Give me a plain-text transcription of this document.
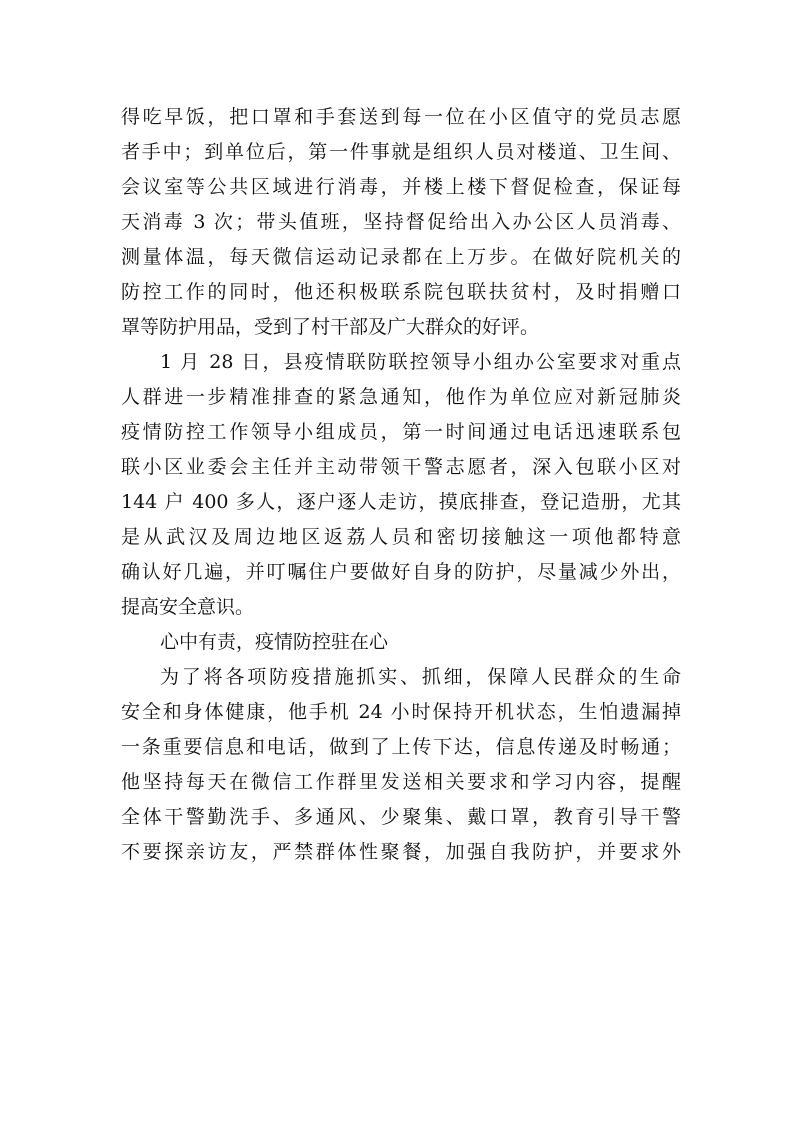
得吃早饭，把口罩和手套送到每一位在小区值守的党员志愿
者手中；到单位后，第一件事就是组织人员对楼道、卫生间、
会议室等公共区域进行消毒，并楼上楼下督促检查，保证每
天消毒 3 次；带头值班，坚持督促给出入办公区人员消毒、
测量体温，每天微信运动记录都在上万步。在做好院机关的
防控工作的同时，他还积极联系院包联扶贫村，及时捐赠口
罩等防护用品，受到了村干部及广大群众的好评。
1 月 28 日，县疫情联防联控领导小组办公室要求对重点
人群进一步精准排查的紧急通知，他作为单位应对新冠肺炎
疫情防控工作领导小组成员，第一时间通过电话迅速联系包
联小区业委会主任并主动带领干警志愿者，深入包联小区对
144 户 400 多人，逐户逐人走访，摸底排查，登记造册，尤其
是从武汉及周边地区返荔人员和密切接触这一项他都特意
确认好几遍，并叮嘱住户要做好自身的防护，尽量减少外出，
提高安全意识。
心中有责，疫情防控驻在心
为了将各项防疫措施抓实、抓细，保障人民群众的生命
安全和身体健康，他手机 24 小时保持开机状态，生怕遗漏掉
一条重要信息和电话，做到了上传下达，信息传递及时畅通；
他坚持每天在微信工作群里发送相关要求和学习内容，提醒
全体干警勤洗手、多通风、少聚集、戴口罩，教育引导干警
不要探亲访友，严禁群体性聚餐，加强自我防护，并要求外
